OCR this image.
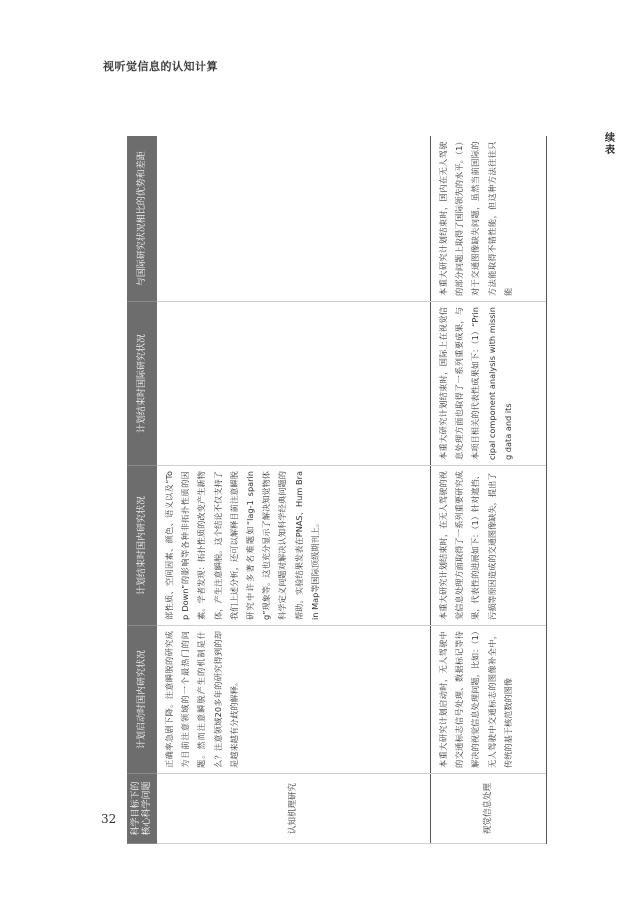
视听觉信息的认知计算
续表
32 科学目标下的核心科学问题	计划启动时国内研究状况	计划结束时国内研究状况	计划结束时国际研究状况	与国际研究状况相比的优势和差距
认知机理研究	正确率急剧下降。注意瞬脱的研究成为目前注意领域的一个最热门的问题。然而注意瞬脱产生的机制是什么？注意领域20多年的研究得到的却是越来越有分歧的解释。	部性质、空间因素、颜色、语义以及“Top Down”的影响等各种非拓扑性质的因素。学者发现：拓扑性质的改变产生新物体，产生注意瞬脱。这个结论不仅支持了我们上述分析，还可以解释目前注意瞬脱研究中许多著名难题如“lag-1 sparing”现象等。这也充分显示了解决知觉物体科学定义问题对解决认知科学经典问题的帮助。实验结果发表在PNAS、Hum Brain Map等国际顶级期刊上。		
视觉信息处理	本重大研究计划启动时，无人驾驶中的交通标志信号处理、数据标记等待解决的视觉信息处理问题，比如：（1）无人驾驶中交通标志的图像补全中，传统的基于核范数的图像	本重大研究计划结束时，在无人驾驶的视觉信息处理方面取得了一系列重要研究成果，代表性的进展如下：（1）针对遮挡、污损等原因造成的交通图像缺失，提出了	本重大研究计划结束时，国际上在视觉信息处理方面也取得了一系列重要成果，与本项目相关的代表性成果如下：（1）“Principal component analysis with missing data and its	本重大研究计划结束时，国内在无人驾驶的部分问题上取得了国际领先的水平。（1）对于交通图像缺失问题，虽然当前国际的方法能取得不错性能，但这种方法往往只能
